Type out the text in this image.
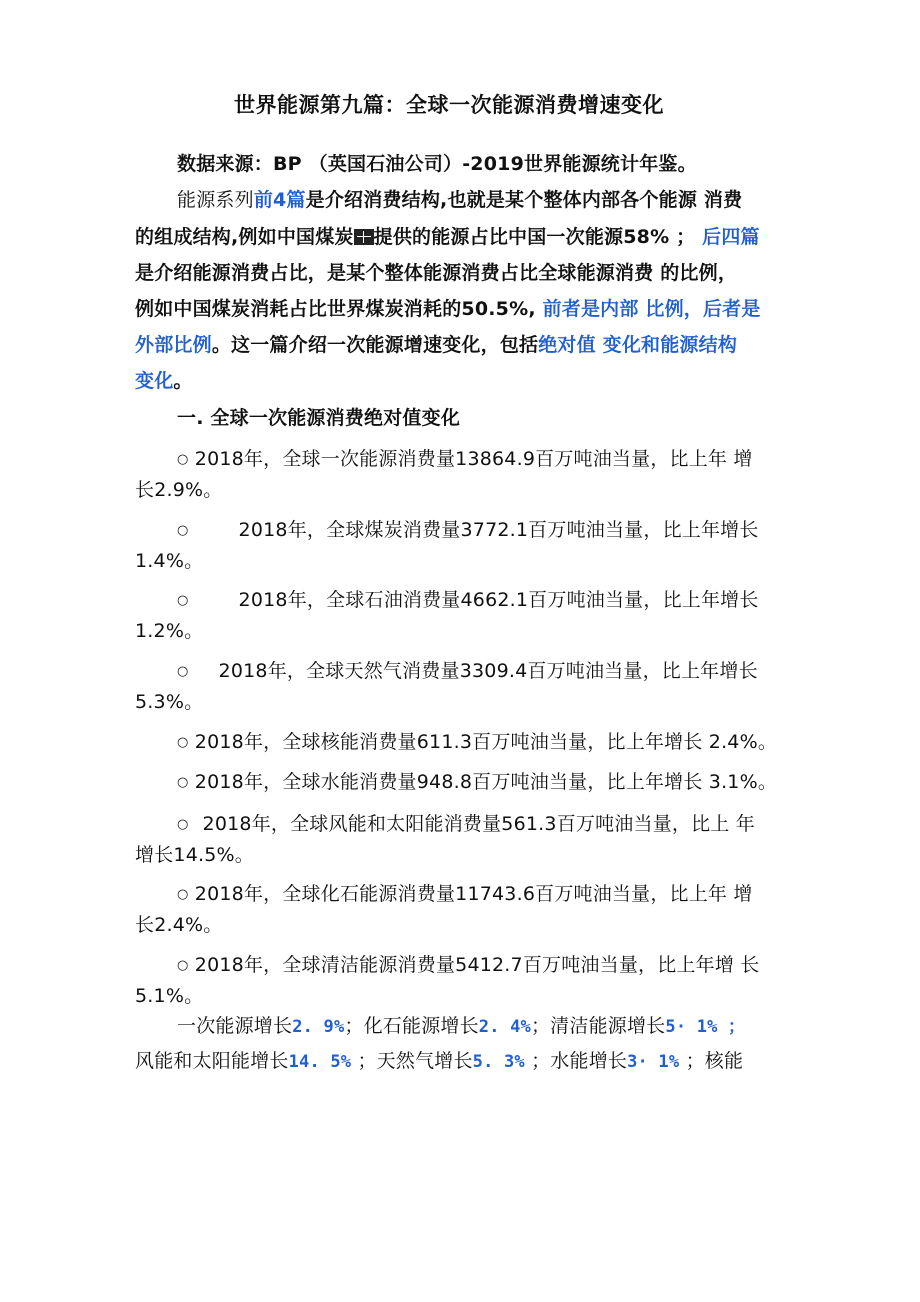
世界能源第九篇：全球一次能源消费增速变化
数据来源：BP （英国石油公司）-2019世界能源统计年鉴。
能源系列前4篇是介绍消费结构,也就是某个整体内部各个能源 消费
的组成结构,例如中国煤炭 提供的能源占比中国一次能源58% ； 后四篇
是介绍能源消费占比，是某个整体能源消费占比全球能源消费 的比例，
例如中国煤炭消耗占比世界煤炭消耗的50.5%, 前者是内部 比例，后者是
外部比例。这一篇介绍一次能源增速变化，包括绝对值 变化和能源结构
变化。
一. 全球一次能源消费绝对值变化
○ 2018年，全球一次能源消费量13864.9百万吨油当量，比上年 增
长2.9%。
○	2018年，全球煤炭消费量3772.1百万吨油当量，比上年增长
1.4%。
○	2018年，全球石油消费量4662.1百万吨油当量，比上年增长
1.2%。
○ 2018年，全球天然气消费量3309.4百万吨油当量，比上年增长
5.3%。
○ 2018年，全球核能消费量611.3百万吨油当量，比上年增长 2.4%。
○ 2018年，全球水能消费量948.8百万吨油当量，比上年增长 3.1%。
○ 2018年，全球风能和太阳能消费量561.3百万吨油当量，比上 年
增长14.5%。
○ 2018年，全球化石能源消费量11743.6百万吨油当量，比上年 增
长2.4%。
○ 2018年，全球清洁能源消费量5412.7百万吨油当量，比上年增 长
5.1%。
一次能源增长2. 9%；化石能源增长2. 4%；清洁能源增长5· 1% ；
风能和太阳能增长14. 5% ；天然气增长5. 3% ；水能增长3· 1% ；核能
